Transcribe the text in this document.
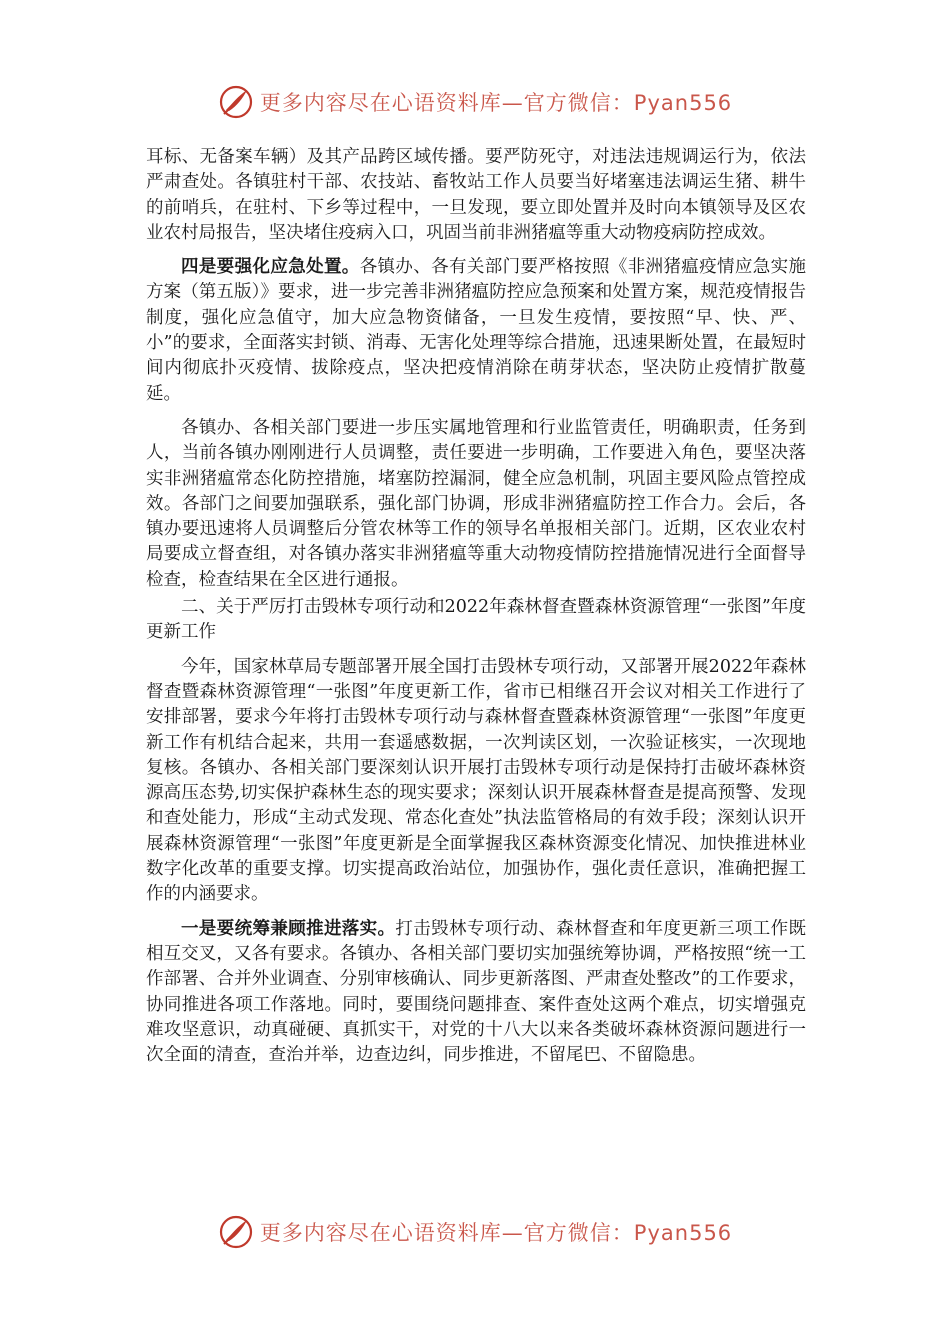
更多内容尽在心语资料库—官方微信：Pyan556

耳标、无备案车辆）及其产品跨区域传播。要严防死守，对违法违规调运行为，依法严肃查处。各镇驻村干部、农技站、畜牧站工作人员要当好堵塞违法调运生猪、耕牛的前哨兵，在驻村、下乡等过程中，一旦发现，要立即处置并及时向本镇领导及区农业农村局报告，坚决堵住疫病入口，巩固当前非洲猪瘟等重大动物疫病防控成效。

四是要强化应急处置。各镇办、各有关部门要严格按照《非洲猪瘟疫情应急实施方案（第五版）》要求，进一步完善非洲猪瘟防控应急预案和处置方案，规范疫情报告制度，强化应急值守，加大应急物资储备，一旦发生疫情，要按照“早、快、严、小”的要求，全面落实封锁、消毒、无害化处理等综合措施，迅速果断处置，在最短时间内彻底扑灭疫情、拔除疫点，坚决把疫情消除在萌芽状态，坚决防止疫情扩散蔓延。

各镇办、各相关部门要进一步压实属地管理和行业监管责任，明确职责，任务到人，当前各镇办刚刚进行人员调整，责任要进一步明确，工作要进入角色，要坚决落实非洲猪瘟常态化防控措施，堵塞防控漏洞，健全应急机制，巩固主要风险点管控成效。各部门之间要加强联系，强化部门协调，形成非洲猪瘟防控工作合力。会后，各镇办要迅速将人员调整后分管农林等工作的领导名单报相关部门。近期，区农业农村局要成立督查组，对各镇办落实非洲猪瘟等重大动物疫情防控措施情况进行全面督导检查，检查结果在全区进行通报。

二、关于严厉打击毁林专项行动和2022年森林督查暨森林资源管理“一张图”年度更新工作

今年，国家林草局专题部署开展全国打击毁林专项行动，又部署开展2022年森林督查暨森林资源管理“一张图”年度更新工作，省市已相继召开会议对相关工作进行了安排部署，要求今年将打击毁林专项行动与森林督查暨森林资源管理“一张图”年度更新工作有机结合起来，共用一套遥感数据，一次判读区划，一次验证核实，一次现地复核。各镇办、各相关部门要深刻认识开展打击毁林专项行动是保持打击破坏森林资源高压态势,切实保护森林生态的现实要求；深刻认识开展森林督查是提高预警、发现和查处能力，形成“主动式发现、常态化查处”执法监管格局的有效手段；深刻认识开展森林资源管理“一张图”年度更新是全面掌握我区森林资源变化情况、加快推进林业数字化改革的重要支撑。切实提高政治站位，加强协作，强化责任意识，准确把握工作的内涵要求。

一是要统筹兼顾推进落实。打击毁林专项行动、森林督查和年度更新三项工作既相互交叉，又各有要求。各镇办、各相关部门要切实加强统筹协调，严格按照“统一工作部署、合并外业调查、分别审核确认、同步更新落图、严肃查处整改”的工作要求，协同推进各项工作落地。同时，要围绕问题排查、案件查处这两个难点，切实增强克难攻坚意识，动真碰硬、真抓实干，对党的十八大以来各类破坏森林资源问题进行一次全面的清查，查治并举，边查边纠，同步推进，不留尾巴、不留隐患。

更多内容尽在心语资料库—官方微信：Pyan556
